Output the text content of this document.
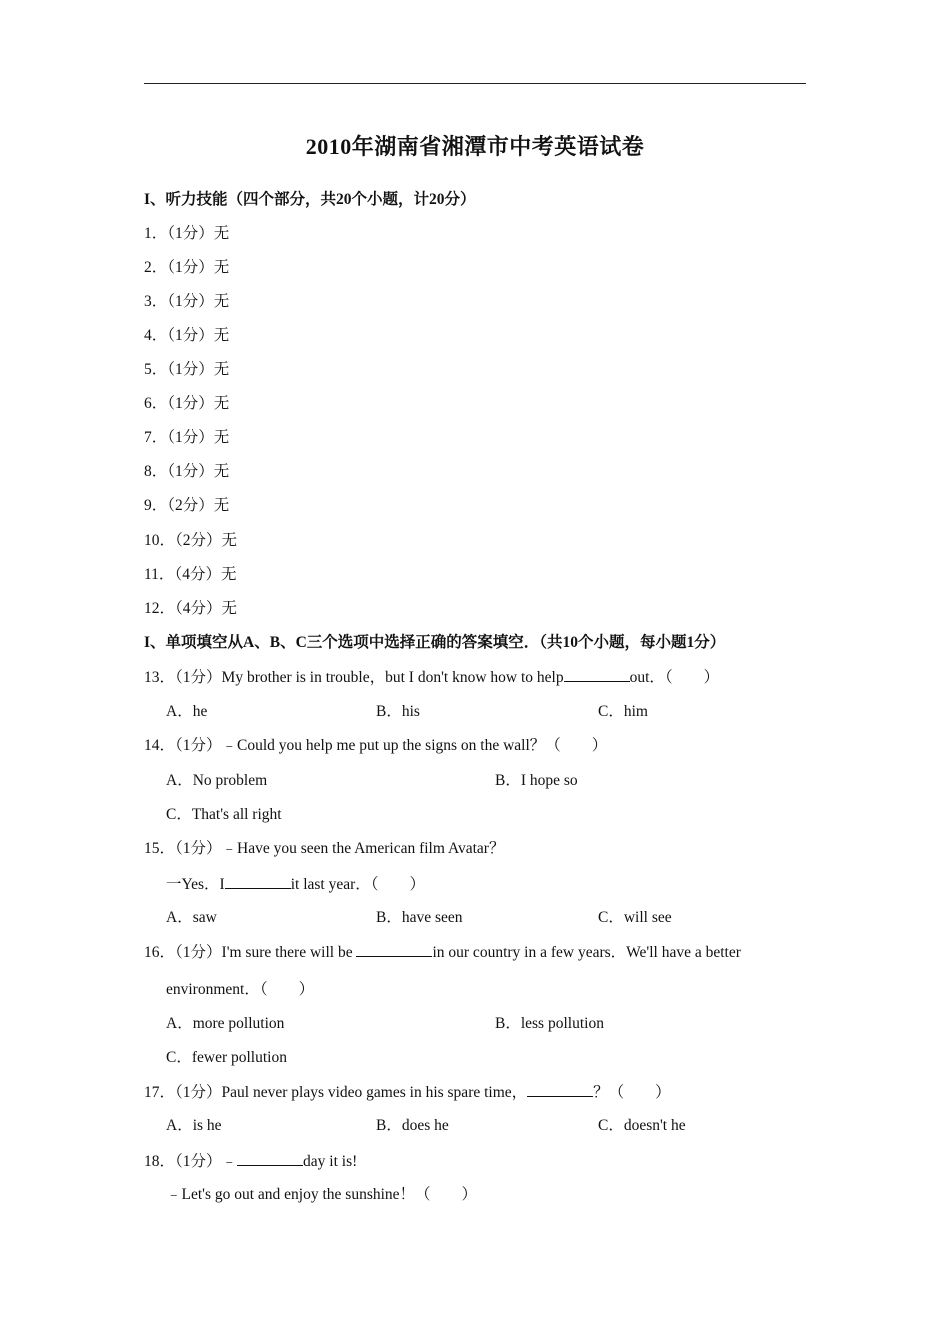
2010年湖南省湘潭市中考英语试卷
I、听力技能（四个部分，共20个小题，计20分）
1．（1分）无
2．（1分）无
3．（1分）无
4．（1分）无
5．（1分）无
6．（1分）无
7．（1分）无
8．（1分）无
9．（2分）无
10．（2分）无
11．（4分）无
12．（4分）无
I、单项填空从A、B、C三个选项中选择正确的答案填空．（共10个小题，每小题1分）
13．（1分）My brother is in trouble，but I don't know how to help	out．（　　）
A．he	B．his	C．him
14．（1分）﹣Could you help me put up the signs on the wall？（　　）
A．No problem	B．I hope so
C．That's all right
15．（1分）﹣Have you seen the American film Avatar？
一Yes．I	it last year．（　　）
A．saw	B．have seen	C．will see
16．（1分）I'm sure there will be	in our country in a few years．We'll have a better
environment．（　　）
A．more pollution	B．less pollution
C．fewer pollution
17．（1分）Paul never plays video games in his spare time，	？（　　）
A．is he	B．does he	C．doesn't he
18．（1分）﹣	day it is!
﹣Let's go out and enjoy the sunshine！（　　）
